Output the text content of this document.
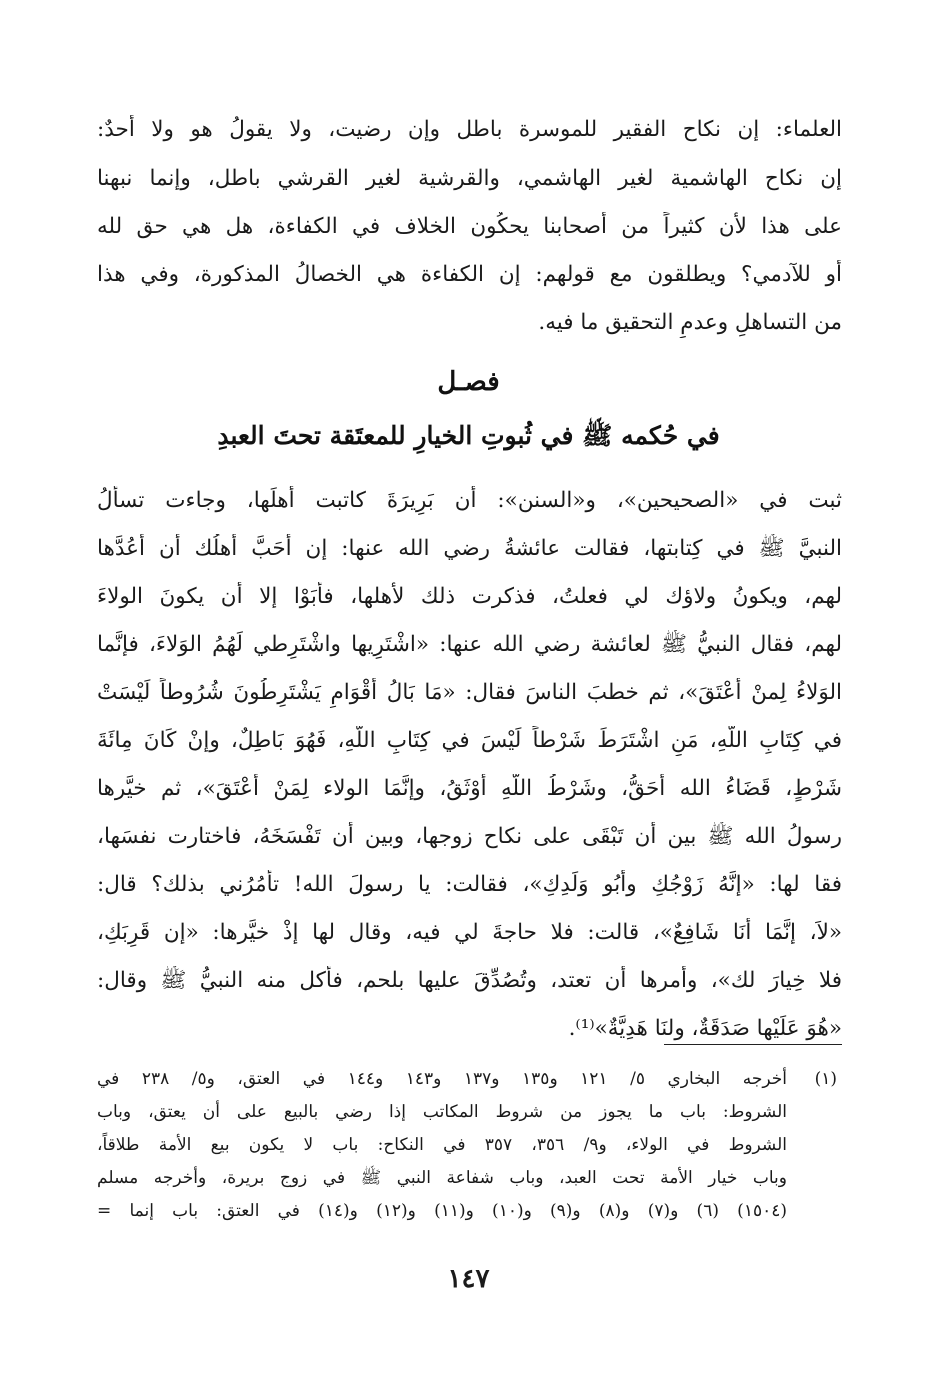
العلماء: إن نكاح الفقير للموسرة باطل وإن رضيت، ولا يقولُ هو ولا أحدٌ:
إن نكاح الهاشمية لغير الهاشمي، والقرشية لغير القرشي باطل، وإنما نبهنا
على هذا لأن كثيراً من أصحابنا يحكُون الخلاف في الكفاءة، هل هي حق لله
أو للآدمي؟ ويطلقون مع قولهم: إن الكفاءة هي الخصالُ المذكورة، وفي هذا
من التساهلِ وعدمِ التحقيق ما فيه.
فصـل
في حُكمه ﷺ في ثُبوتِ الخيارِ للمعتَقة تحتَ العبدِ
ثبت في «الصحيحين»، و«السنن»: أن بَرِيرَةَ كاتبت أهلَها، وجاءت تسألُ
النبيَّ ﷺ في كِتابتها، فقالت عائشةُ رضي الله عنها: إن أحَبَّ أهلُك أن أعُدَّها
لهم، ويكونُ ولاؤك لي فعلتُ، فذكرت ذلك لأهلها، فأبَوْا إلا أن يكونَ الولاءَ
لهم، فقال النبيُّ ﷺ لعائشة رضي الله عنها: «اشْتَرِيها واشْتَرِطي لَهُمُ الوَلاءَ، فإنَّما
الوَلاءُ لِمنْ أعْتَقَ»، ثم خطبَ الناسَ فقال: «مَا بَالُ أقْوَامٍ يَشْتَرِطُونَ شُرُوطاً لَيْسَتْ
في كِتَابِ اللَّهِ، مَنِ اشْتَرَطَ شَرْطاً لَيْسَ في كِتَابِ اللَّهِ، فَهُوَ بَاطِلٌ، وإنْ كَانَ مِائَةَ
شَرْطٍ، قَضَاءُ الله أحَقُّ، وشَرْطُ اللَّهِ أوْثَقُ، وإنَّمَا الولاء لِمَنْ أعْتَقَ»، ثم خيَّرها
رسولُ الله ﷺ بين أن تَبْقَى على نكاح زوجها، وبين أن تَفْسَخَهُ، فاختارت نفسَها،
فقا لها: «إنَّهُ زَوْجُكِ وأبُو وَلَدِكِ»، فقالت: يا رسولَ الله! تأمُرُني بذلك؟ قال:
«لاَ، إنَّمَا أنَا شَافِعٌ»، قالت: فلا حاجةَ لي فيه، وقال لها إذْ خيَّرها: «إن قَرِبَكِ،
فلا خِيارَ لك»، وأمرها أن تعتد، وتُصُدِّقَ عليها بلحم، فأكل منه النبيُّ ﷺ وقال:
«هُوَ عَلَيْها صَدَقَةٌ، ولنَا هَدِيَّةٌ»⁽¹⁾.
(١)
أخرجه البخاري ٥/ ١٢١ و١٣٥ و١٣٧ و١٤٣ و١٤٤ في العتق، و٥/ ٢٣٨ في
الشروط: باب ما يجوز من شروط المكاتب إذا رضي بالبيع على أن يعتق، وباب
الشروط في الولاء، و٩/ ٣٥٦، ٣٥٧ في النكاح: باب لا يكون بيع الأمة طلاقاً،
وباب خيار الأمة تحت العبد، وباب شفاعة النبي ﷺ في زوج بريرة، وأخرجه مسلم
(١٥٠٤) (٦) و(٧) و(٨) و(٩) و(١٠) و(١١) و(١٢) و(١٤) في العتق: باب إنما =
١٤٧
